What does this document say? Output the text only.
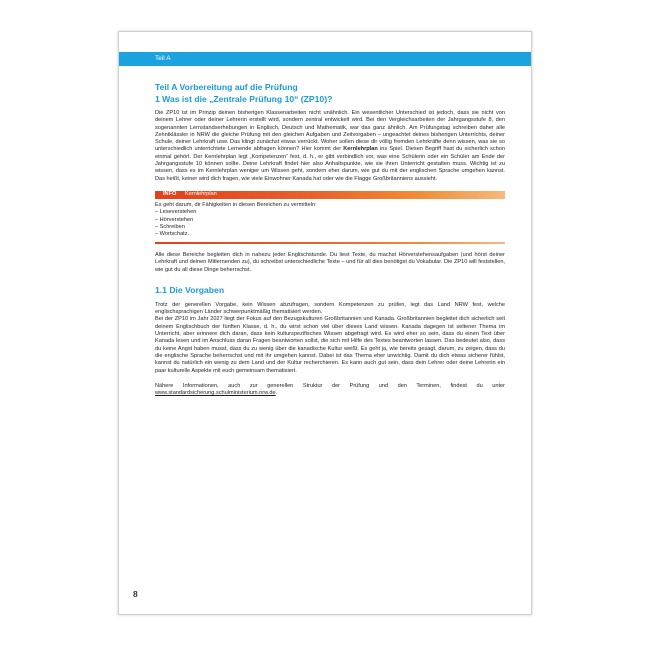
Teil A
Teil A Vorbereitung auf die Prüfung
1 Was ist die „Zentrale Prüfung 10“ (ZP10)?

Die ZP10 ist im Prinzip deinen bisherigen Klassenarbeiten nicht unähnlich. Ein wesentlicher Unterschied ist jedoch, dass sie nicht von deinem Lehrer oder deiner Lehrerin erstellt wird, sondern zentral entwickelt wird. Bei den Vergleichsarbeiten der Jahrgangsstufe 8, den sogenannten Lernstandserhebungen in Englisch, Deutsch und Mathematik, war das ganz ähnlich. Am Prüfungstag schreiben daher alle Zehntklässler in NRW die gleiche Prüfung mit den gleichen Aufgaben und Zeitvorgaben – ungeachtet deines bisherigen Unterrichts, deiner Schule, deiner Lehrkraft usw. Das klingt zunächst etwas verrückt. Woher sollen diese dir völlig fremden Lehrkräfte denn wissen, was sie so unterschiedlich unterrichtete Lernende abfragen können? Hier kommt der Kernlehrplan ins Spiel. Diesen Begriff hast du sicherlich schon einmal gehört. Der Kernlehrplan legt „Kompetenzen“ fest, d. h., er gibt verbindlich vor, was eine Schülerin oder ein Schüler am Ende der Jahrgangsstufe 10 können sollte. Deine Lehrkraft findet hier also Anhaltspunkte, wie sie ihren Unterricht gestalten muss. Wichtig ist zu wissen, dass es im Kernlehrplan weniger um Wissen geht, sondern eher darum, wie gut du mit der englischen Sprache umgehen kannst. Das heißt, keiner wird dich fragen, wie viele Einwohner Kanada hat oder wie die Flagge Großbritanniens aussieht.

INFO Kernlehrplan

Es geht darum, dir Fähigkeiten in diesen Bereichen zu vermitteln:

– Leseverstehen

– Hörverstehen

– Schreiben

– Wortschatz.

Alle diese Bereiche begleiten dich in nahezu jeder Englischstunde. Du liest Texte, du machst Hörverstehensaufgaben (und hörst deiner Lehrkraft und deinen Mitlernenden zu), du schreibst unterschiedliche Texte – und für all dies benötigst du Vokabular. Die ZP10 will feststellen, wie gut du all diese Dinge beherrschst.

1.1 Die Vorgaben

Trotz der generellen Vorgabe, kein Wissen abzufragen, sondern Kompetenzen zu prüfen, legt das Land NRW fest, welche englischsprachigen Länder schwerpunktmäßig thematisiert werden.

Bei der ZP10 im Jahr 2027 liegt der Fokus auf den Bezugskulturen Großbritannien und Kanada. Großbritannien begleitet dich sicherlich seit deinem Englischbuch der fünften Klasse, d. h., du wirst schon viel über dieses Land wissen. Kanada dagegen ist seltener Thema im Unterricht, aber erinnere dich daran, dass kein kulturspezifisches Wissen abgefragt wird. Es wird eher so sein, dass du einen Text über Kanada lesen und im Anschluss daran Fragen beantworten sollst, die sich mit Hilfe des Textes beantworten lassen. Das bedeutet also, dass du keine Angst haben musst, dass du zu wenig über die kanadische Kultur weißt. Es geht ja, wie bereits gesagt, darum, zu zeigen, dass du die englische Sprache beherrschst und mit ihr umgehen kannst. Dabei ist das Thema eher unwichtig. Damit du dich etwas sicherer fühlst, kannst du natürlich ein wenig zu dem Land und der Kultur recherchieren. Es kann auch gut sein, dass dein Lehrer oder deine Lehrerin ein paar kulturelle Aspekte mit euch gemeinsam thematisiert.

Nähere Informationen, auch zur generellen Struktur der Prüfung und den Terminen, findest du unter www.standardsicherung.schulministerium.nrw.de.

8
